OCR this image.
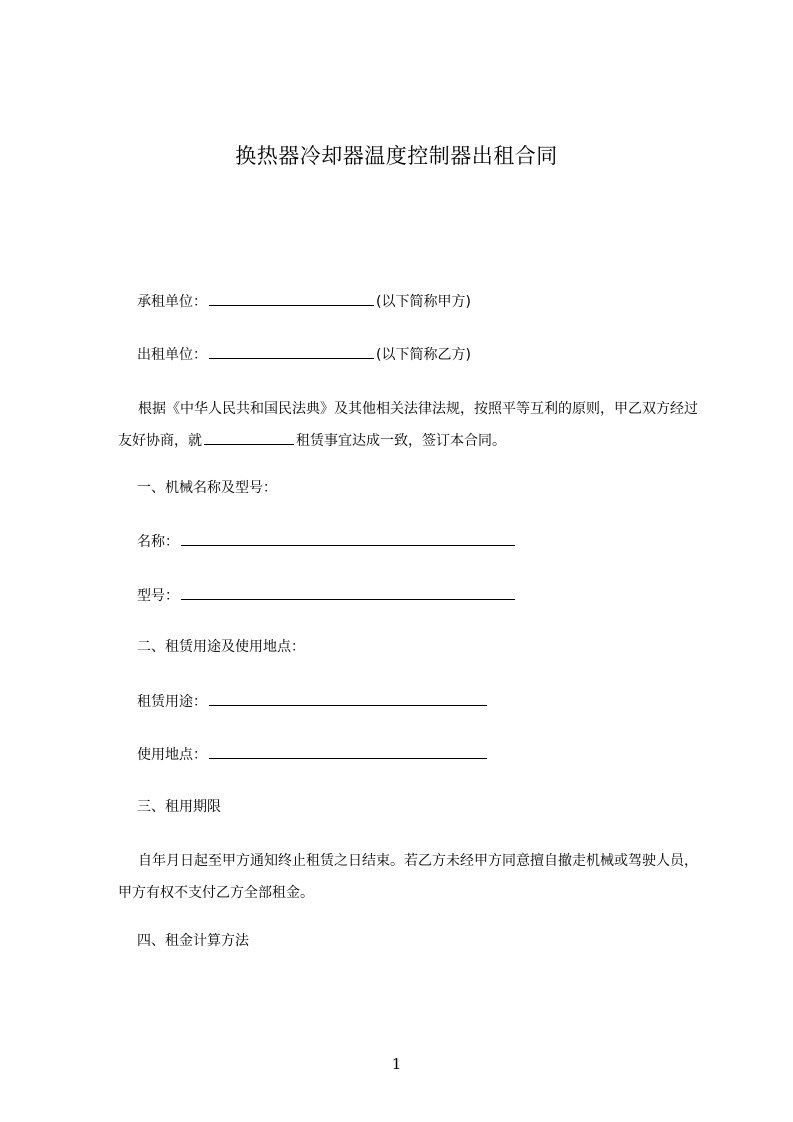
换热器冷却器温度控制器出租合同
承租单位：	(以下简称甲方)
出租单位：	(以下简称乙方)
根据《中华人民共和国民法典》及其他相关法律法规，按照平等互利的原则，甲乙双方经过友好协商，就	租赁事宜达成一致，签订本合同。
一、机械名称及型号：
名称：
型号：
二、租赁用途及使用地点：
租赁用途：
使用地点：
三、租用期限
自年月日起至甲方通知终止租赁之日结束。若乙方未经甲方同意擅自撤走机械或驾驶人员，甲方有权不支付乙方全部租金。
四、租金计算方法
1
